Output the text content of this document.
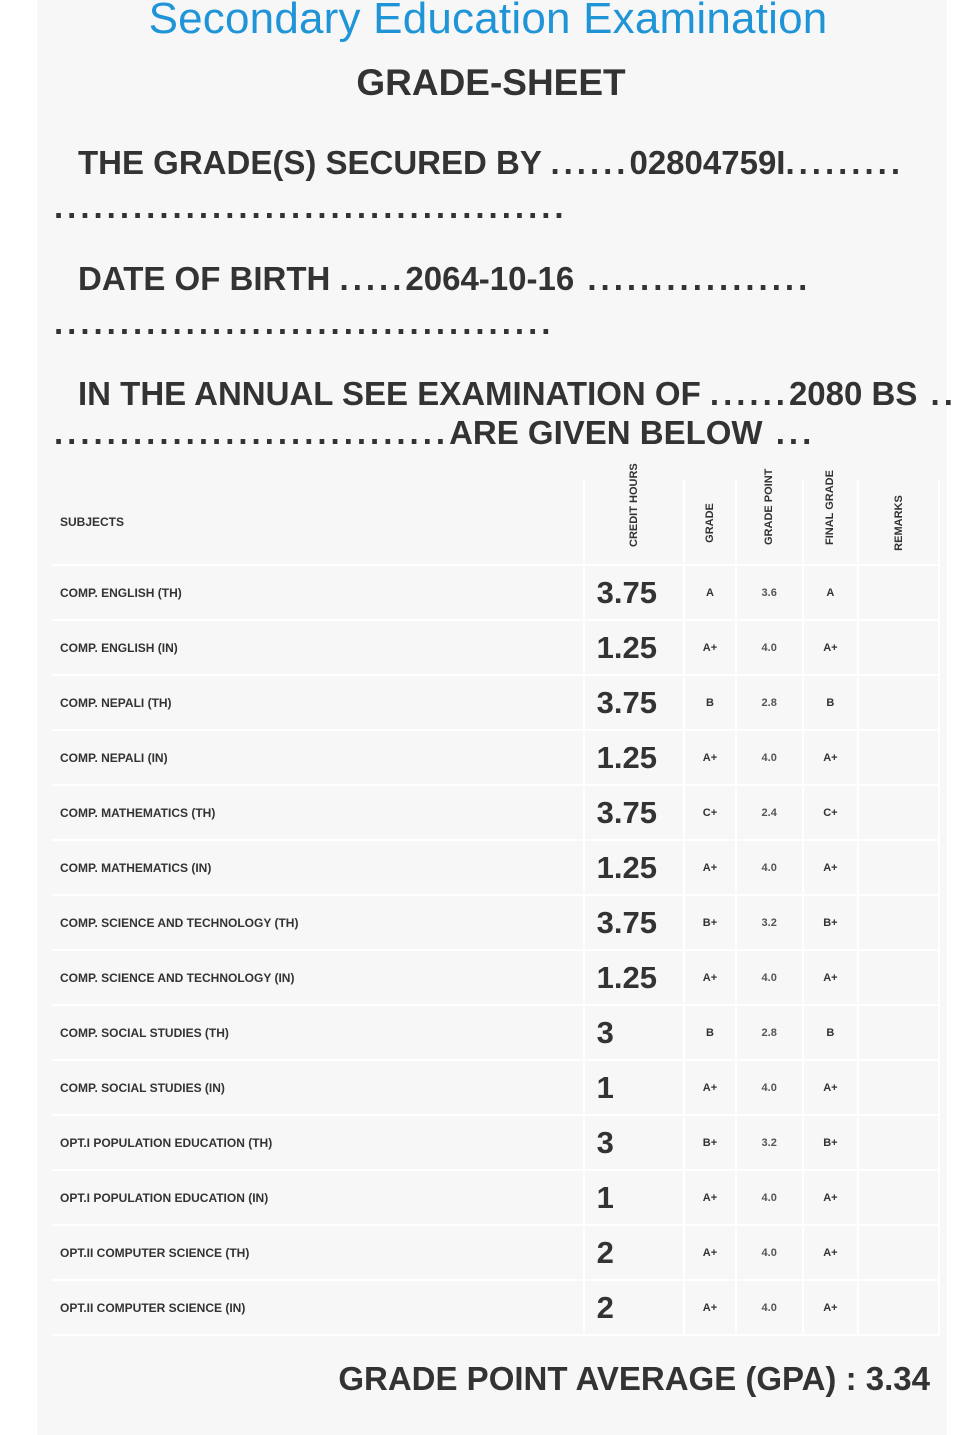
Secondary Education Examination
GRADE-SHEET
THE GRADE(S) SECURED BY ......02804759I.........
.......................................
DATE OF BIRTH .....2064-10-16 .................
......................................
IN THE ANNUAL SEE EXAMINATION OF ......2080 BS ..
..............................ARE GIVEN BELOW ...
SUBJECTS	CREDIT HOURS	GRADE	GRADE POINT	FINAL GRADE	REMARKS
COMP. ENGLISH (TH)	3.75	A	3.6	A	
COMP. ENGLISH (IN)	1.25	A+	4.0	A+	
COMP. NEPALI (TH)	3.75	B	2.8	B	
COMP. NEPALI (IN)	1.25	A+	4.0	A+	
COMP. MATHEMATICS (TH)	3.75	C+	2.4	C+	
COMP. MATHEMATICS (IN)	1.25	A+	4.0	A+	
COMP. SCIENCE AND TECHNOLOGY (TH)	3.75	B+	3.2	B+	
COMP. SCIENCE AND TECHNOLOGY (IN)	1.25	A+	4.0	A+	
COMP. SOCIAL STUDIES (TH)	3	B	2.8	B	
COMP. SOCIAL STUDIES (IN)	1	A+	4.0	A+	
OPT.I POPULATION EDUCATION (TH)	3	B+	3.2	B+	
OPT.I POPULATION EDUCATION (IN)	1	A+	4.0	A+	
OPT.II COMPUTER SCIENCE (TH)	2	A+	4.0	A+	
OPT.II COMPUTER SCIENCE (IN)	2	A+	4.0	A+	
GRADE POINT AVERAGE (GPA) : 3.34
